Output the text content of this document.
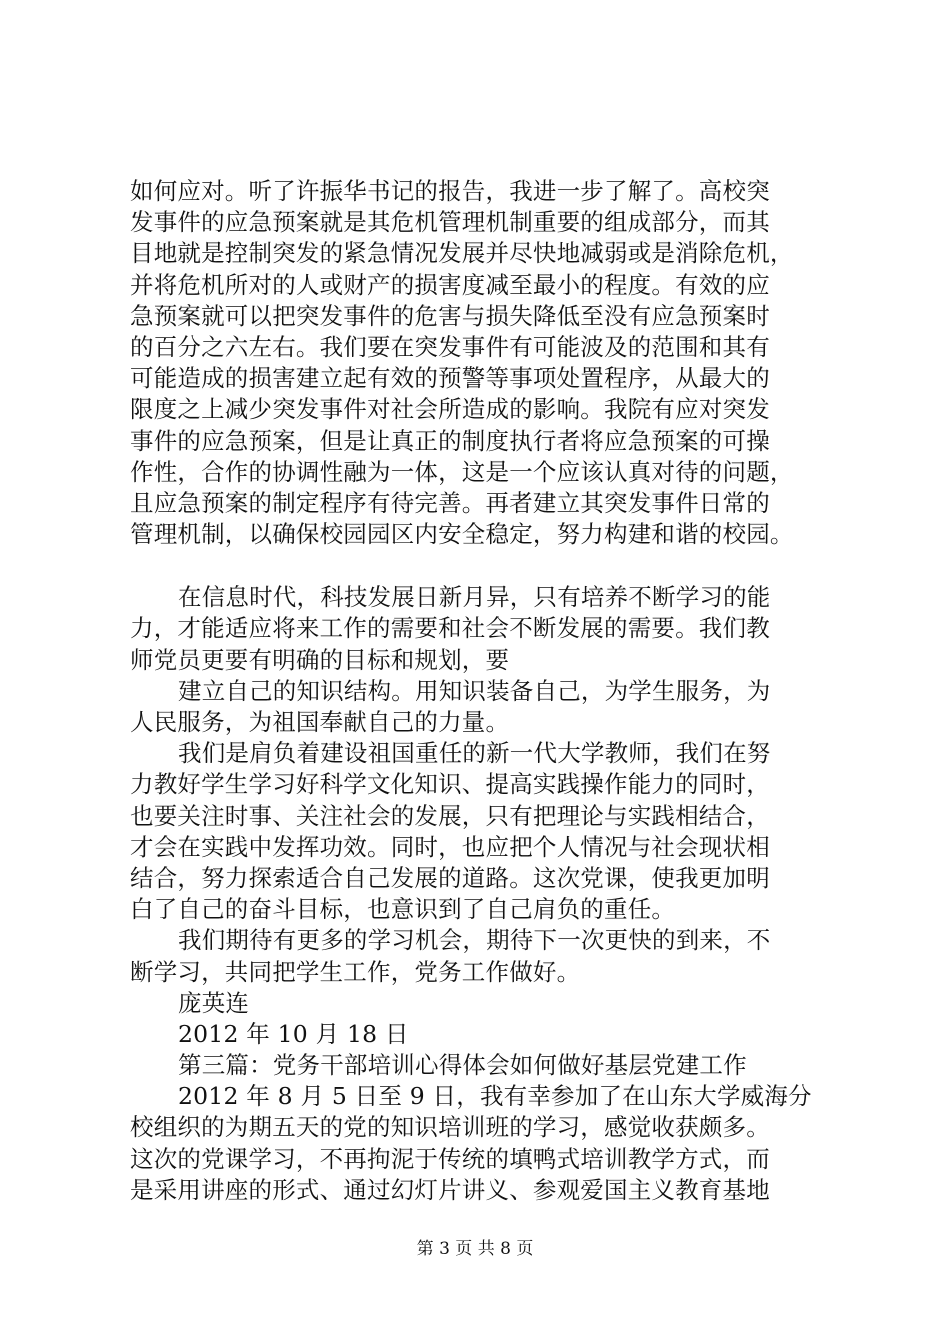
如何应对。听了许振华书记的报告，我进一步了解了。高校突
发事件的应急预案就是其危机管理机制重要的组成部分，而其
目地就是控制突发的紧急情况发展并尽快地减弱或是消除危机，
并将危机所对的人或财产的损害度减至最小的程度。有效的应
急预案就可以把突发事件的危害与损失降低至没有应急预案时
的百分之六左右。我们要在突发事件有可能波及的范围和其有
可能造成的损害建立起有效的预警等事项处置程序，从最大的
限度之上减少突发事件对社会所造成的影响。我院有应对突发
事件的应急预案，但是让真正的制度执行者将应急预案的可操
作性，合作的协调性融为一体，这是一个应该认真对待的问题，
且应急预案的制定程序有待完善。再者建立其突发事件日常的
管理机制，以确保校园园区内安全稳定，努力构建和谐的校园。
在信息时代，科技发展日新月异，只有培养不断学习的能
力，才能适应将来工作的需要和社会不断发展的需要。我们教
师党员更要有明确的目标和规划，要
建立自己的知识结构。用知识装备自己，为学生服务，为
人民服务，为祖国奉献自己的力量。
我们是肩负着建设祖国重任的新一代大学教师，我们在努
力教好学生学习好科学文化知识、提高实践操作能力的同时，
也要关注时事、关注社会的发展，只有把理论与实践相结合，
才会在实践中发挥功效。同时，也应把个人情况与社会现状相
结合，努力探索适合自己发展的道路。这次党课，使我更加明
白了自己的奋斗目标，也意识到了自己肩负的重任。
我们期待有更多的学习机会，期待下一次更快的到来，不
断学习，共同把学生工作，党务工作做好。
庞英连
2012 年 10 月 18 日
第三篇：党务干部培训心得体会如何做好基层党建工作
2012 年 8 月 5 日至 9 日，我有幸参加了在山东大学威海分
校组织的为期五天的党的知识培训班的学习，感觉收获颇多。
这次的党课学习，不再拘泥于传统的填鸭式培训教学方式，而
是采用讲座的形式、通过幻灯片讲义、参观爱国主义教育基地
第 3 页 共 8 页
